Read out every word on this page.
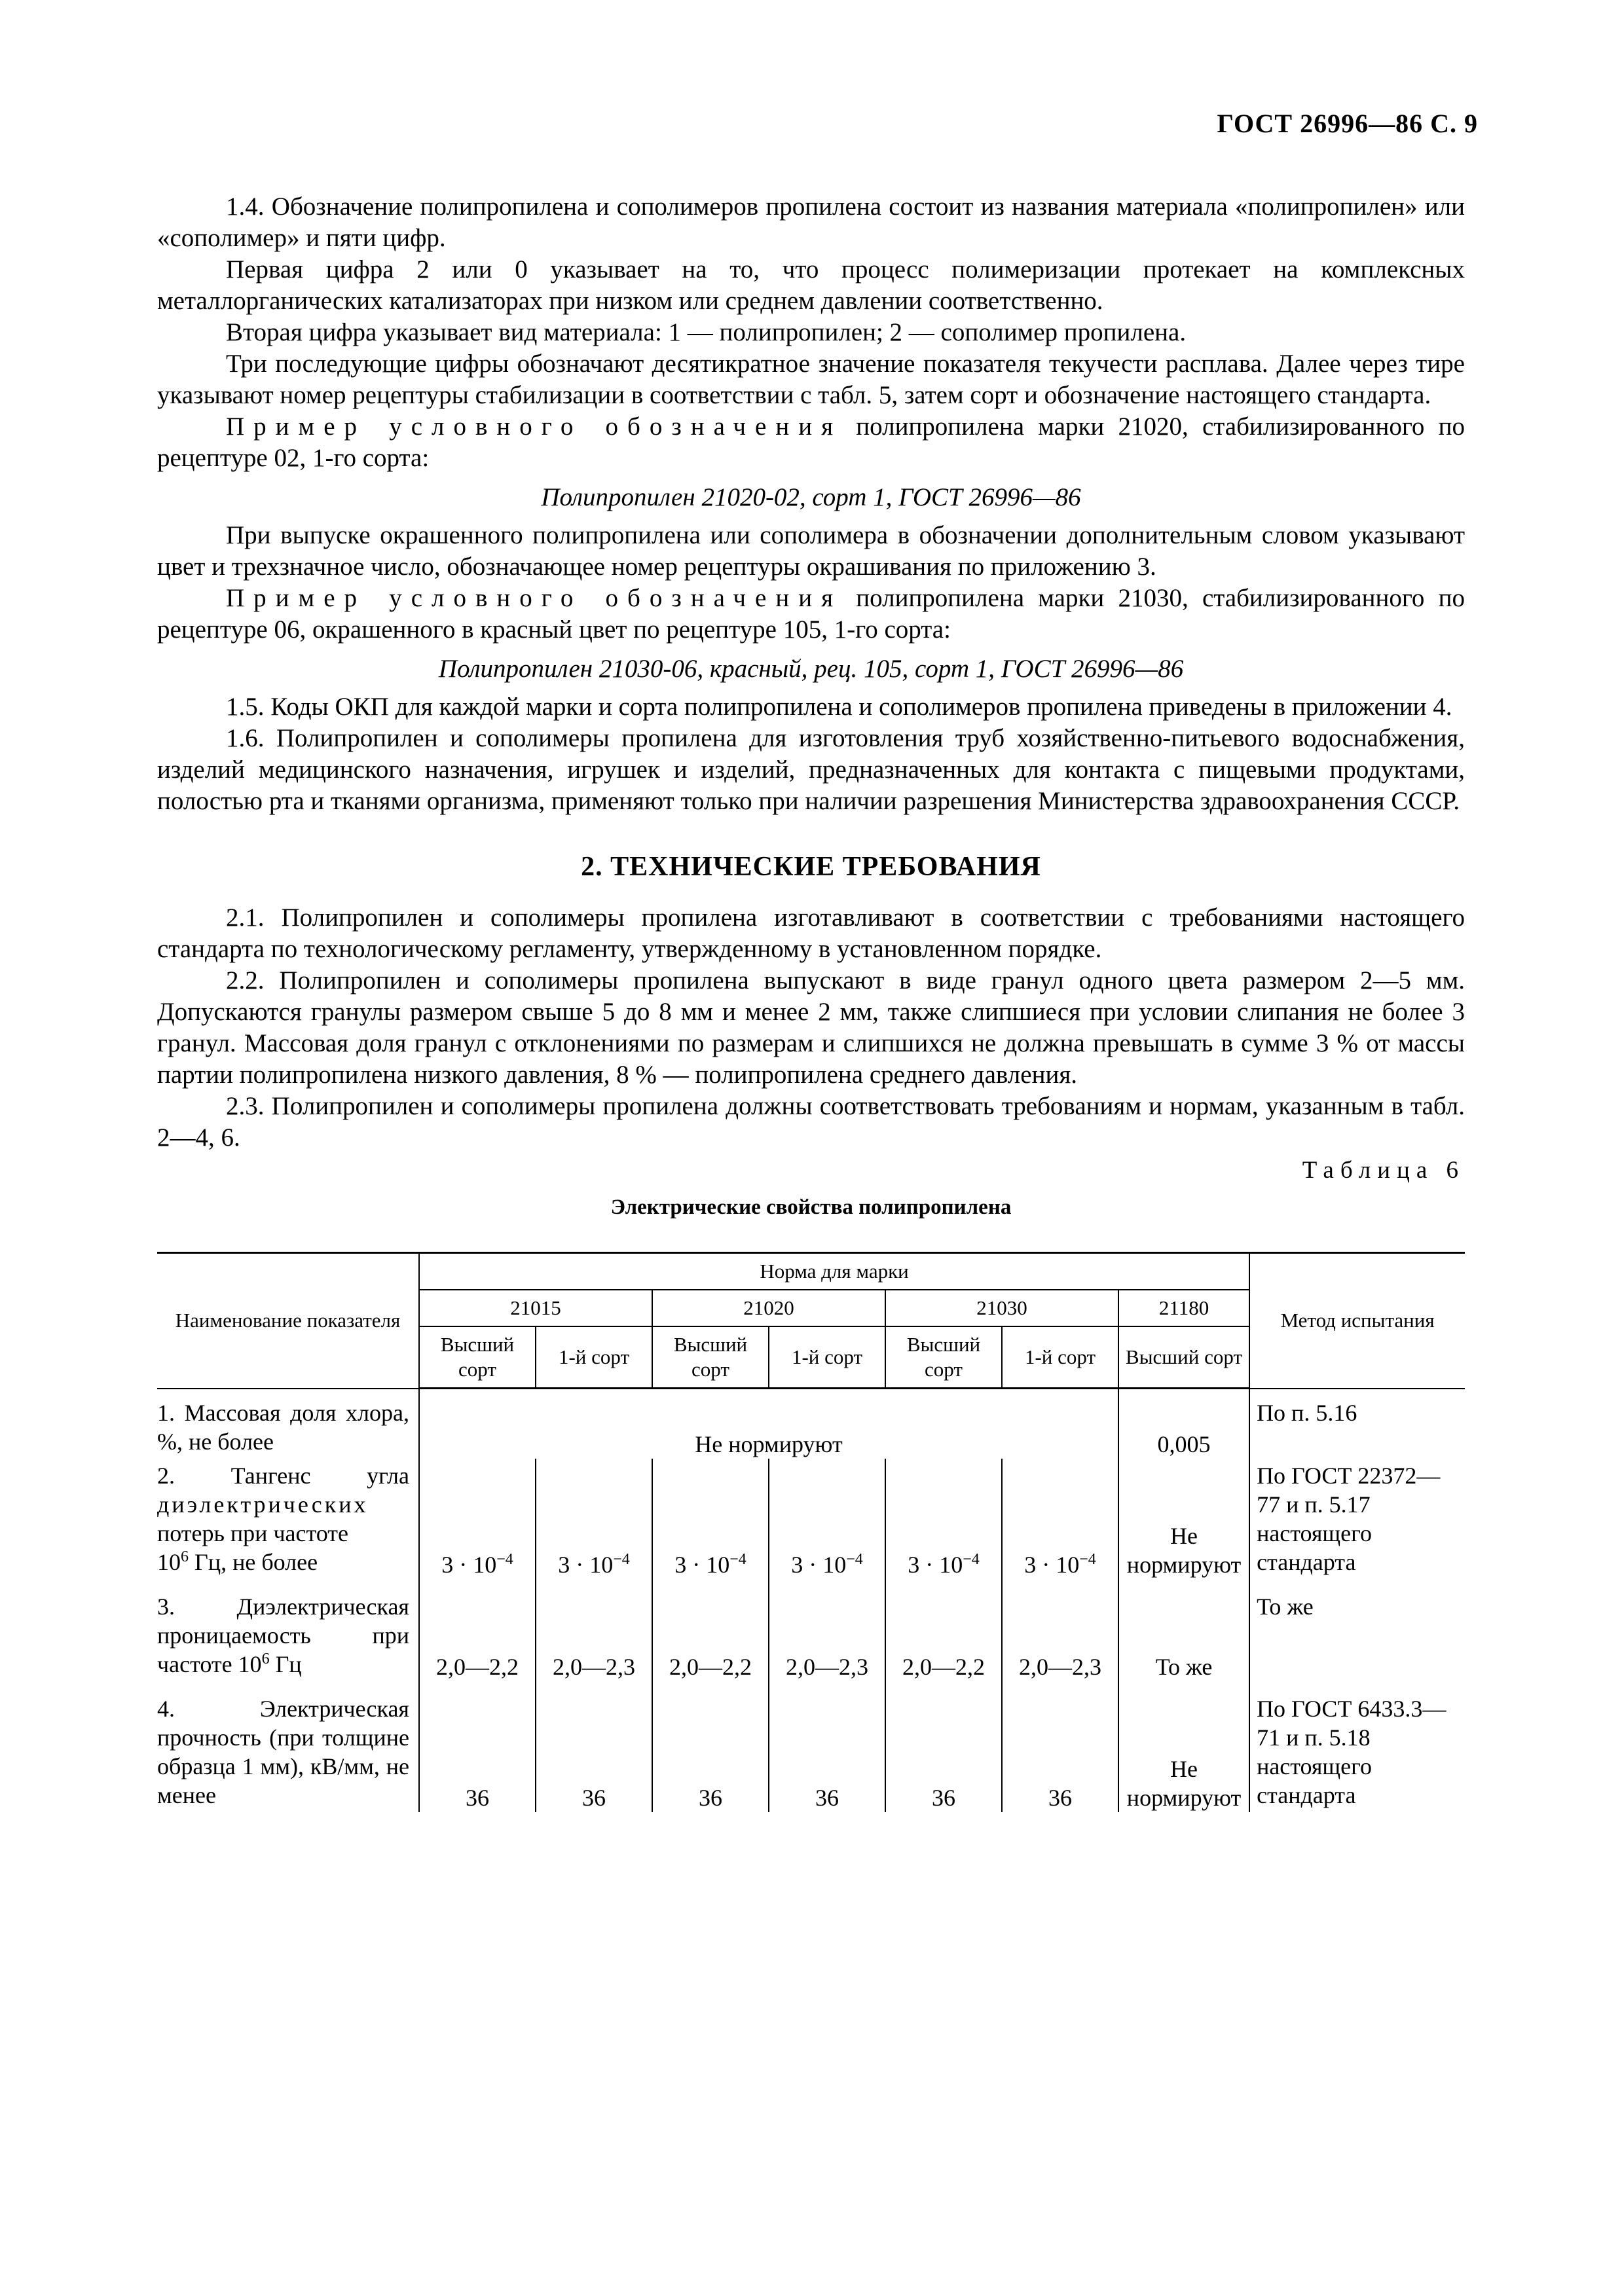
ГОСТ 26996—86 С. 9

1.4. Обозначение полипропилена и сополимеров пропилена состоит из названия материала «полипропилен» или «сополимер» и пяти цифр.

Первая цифра 2 или 0 указывает на то, что процесс полимеризации протекает на комплексных металлорганических катализаторах при низком или среднем давлении соответственно.

Вторая цифра указывает вид материала: 1 — полипропилен; 2 — сополимер пропилена.

Три последующие цифры обозначают десятикратное значение показателя текучести расплава. Далее через тире указывают номер рецептуры стабилизации в соответствии с табл. 5, затем сорт и обозначение настоящего стандарта.

Пример условного обозначения полипропилена марки 21020, стабилизированного по рецептуре 02, 1-го сорта:

Полипропилен 21020-02, сорт 1, ГОСТ 26996—86

При выпуске окрашенного полипропилена или сополимера в обозначении дополнительным словом указывают цвет и трехзначное число, обозначающее номер рецептуры окрашивания по приложению 3.

Пример условного обозначения полипропилена марки 21030, стабилизированного по рецептуре 06, окрашенного в красный цвет по рецептуре 105, 1-го сорта:

Полипропилен 21030-06, красный, рец. 105, сорт 1, ГОСТ 26996—86

1.5. Коды ОКП для каждой марки и сорта полипропилена и сополимеров пропилена приведены в приложении 4.

1.6. Полипропилен и сополимеры пропилена для изготовления труб хозяйственно-питьевого водоснабжения, изделий медицинского назначения, игрушек и изделий, предназначенных для контакта с пищевыми продуктами, полостью рта и тканями организма, применяют только при наличии разрешения Министерства здравоохранения СССР.

2. ТЕХНИЧЕСКИЕ ТРЕБОВАНИЯ

2.1. Полипропилен и сополимеры пропилена изготавливают в соответствии с требованиями настоящего стандарта по технологическому регламенту, утвержденному в установленном порядке.

2.2. Полипропилен и сополимеры пропилена выпускают в виде гранул одного цвета размером 2—5 мм. Допускаются гранулы размером свыше 5 до 8 мм и менее 2 мм, также слипшиеся при условии слипания не более 3 гранул. Массовая доля гранул с отклонениями по размерам и слипшихся не должна превышать в сумме 3 % от массы партии полипропилена низкого давления, 8 % — полипропилена среднего давления.

2.3. Полипропилен и сополимеры пропилена должны соответствовать требованиям и нормам, указанным в табл. 2—4, 6.

Таблица 6
Электрические свойства полипропилена
Наименование показателя	Норма для марки							Метод испытания
	21015		21020		21030		21180	
	Высший сорт	1-й сорт	Высший сорт	1-й сорт	Высший сорт	1-й сорт	Высший сорт	
1. Массовая доля хлора, %, не более	Не нормируют						0,005	По п. 5.16

2. Тангенс угла
диэлектрических
потерь при частоте
$10^6$ Гц, не более	$3 \cdot 10^{-4}$	$3 \cdot 10^{-4}$	$3 \cdot 10^{-4}$	$3 \cdot 10^{-4}$	$3 \cdot 10^{-4}$	$3 \cdot 10^{-4}$	Не нормируют	По ГОСТ 22372—77 и п. 5.17 настоящего стандарта
3. Диэлектрическая проницаемость при частоте $10^6$ Гц	2,0—2,2	2,0—2,3	2,0—2,2	2,0—2,3	2,0—2,2	2,0—2,3	То же	То же
4. Электрическая прочность (при толщине образца 1 мм), кВ/мм, не менее	36	36	36	36	36	36	Не нормируют	По ГОСТ 6433.3—71 и п. 5.18 настоящего стандарта
